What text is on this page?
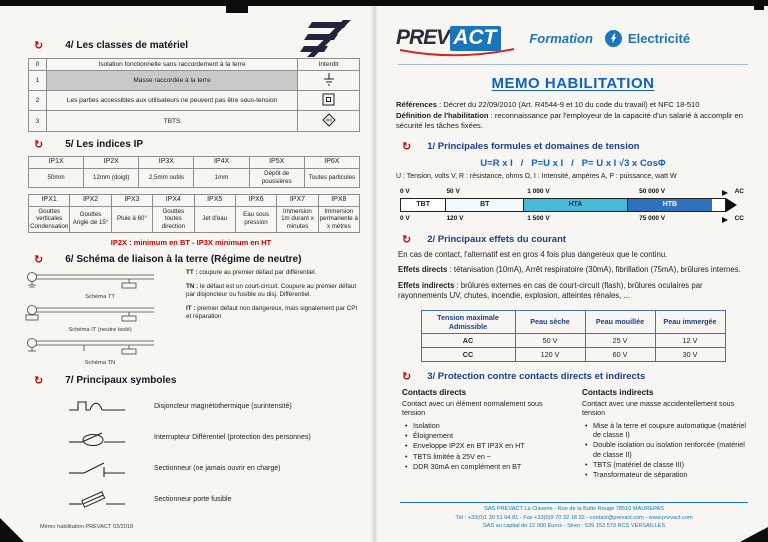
↻ 4/ Les classes de matériel
0	Isolation fonctionnelle sans raccordement à la terre	Interdit
1	Masse raccordée à la terre	
2	Les parties accessibles aux utilisateurs ne peuvent pas être sous-tension	
3	TBTS	
↻ 5/ Les indices IP
IP1X	IP2X	IP3X	IP4X	IP5X	IP6X
50mm	12mm (doigt)	2,5mm outils	1mm	Dépôt de poussières	Toutes particules
IPX1	IPX2	IPX3	IPX4	IPX5	IPX6	IPX7	IPX8
Gouttes verticales Condensation	Gouttes Angle de 15°	Pluie à 60°	Gouttes toutes direction	Jet d'eau	Eau sous pression	Immersion 1m durant x minutes	Immersion permanente à x mètres
IP2X : minimum en BT - IP3X minimum en HT
↻ 6/ Schéma de liaison à la terre (Régime de neutre)
Schéma TT
Schéma IT (neutre isolé)
Schéma TN
TT : coupure au premier défaut par différentiel.
TN : le défaut est un court-circuit. Coupure au premier défaut par disjoncteur ou fusible ou disj. Différentiel.
IT : premier défaut non dangereux, mais signalement par CPI et réparation
↻ 7/ Principaux symboles
Disjoncteur magnétothermique (surintensité)
Interrupteur Différentiel (protection des personnes)
Sectionneur (ne jamais ouvrir en charge)
Sectionneur porte fusible
Mémo habilitation PREVACT 03/2018
PREV ACT	Formation	Electricité
MEMO HABILITATION
Références : Décret du 22/09/2010 (Art. R4544-9 et 10 du code du travail) et NFC 18-510
Définition de l'habilitation : reconnaissance par l'employeur de la capacité d'un salarié à accomplir en sécurité les tâches fixées.
↻ 1/ Principales formules et domaines de tension
U=R x I   /   P=U x I   /   P= U x I √3 x CosΦ
U : Tension, volts V, R : résistance, ohms Ω, I : Intensité, ampères A, P : puissance, watt W
0 V	50 V	1 000 V	50 000 V	AC
TBT	BT	HTA	HTB
0 V	120 V	1 500 V	75 000 V	CC
↻ 2/ Principaux effets du courant
En cas de contact, l'alternatif est en gros 4 fois plus dangereux que le continu.
Effets directs : tétanisation (10mA), Arrêt respiratoire (30mA), fibrillation (75mA), brûlures internes.
Effets indirects : brûlures externes en cas de court-circuit (flash), brûlures oculaires par rayonnements UV, chutes, incendie, explosion, atteintes rénales, ...
Tension maximale Admissible	Peau sèche	Peau mouillée	Peau immergée
AC	50 V	25 V	12 V
CC	120 V	60 V	30 V
↻ 3/ Protection contre contacts directs et indirects
Contacts directs
Contact avec un élément normalement sous tension
• Isolation
• Éloignement
• Enveloppe IP2X en BT IP3X en HT
• TBTS limitée à 25V en ~
• DDR 30mA en complément en BT
Contacts indirects
Contact avec une masse accidentellement sous tension
• Mise à la terre et coupure automatique (matériel de classe I)
• Double isolation ou isolation renforcée (matériel de classe II)
• TBTS (matériel de classe III)
• Transformateur de séparation
SAS PREVACT La Claverie - Rue de la Butte Rouge 78510 MAUREPAS
Tél : +33(0)1 30 51 04 81 - Fax +33(0)9 70 32 18 32 - contact@prevact.com - www.prevact.com
SAS au capital de 12 000 Euros - Siren : 539 153 573 RCS VERSAILLES
